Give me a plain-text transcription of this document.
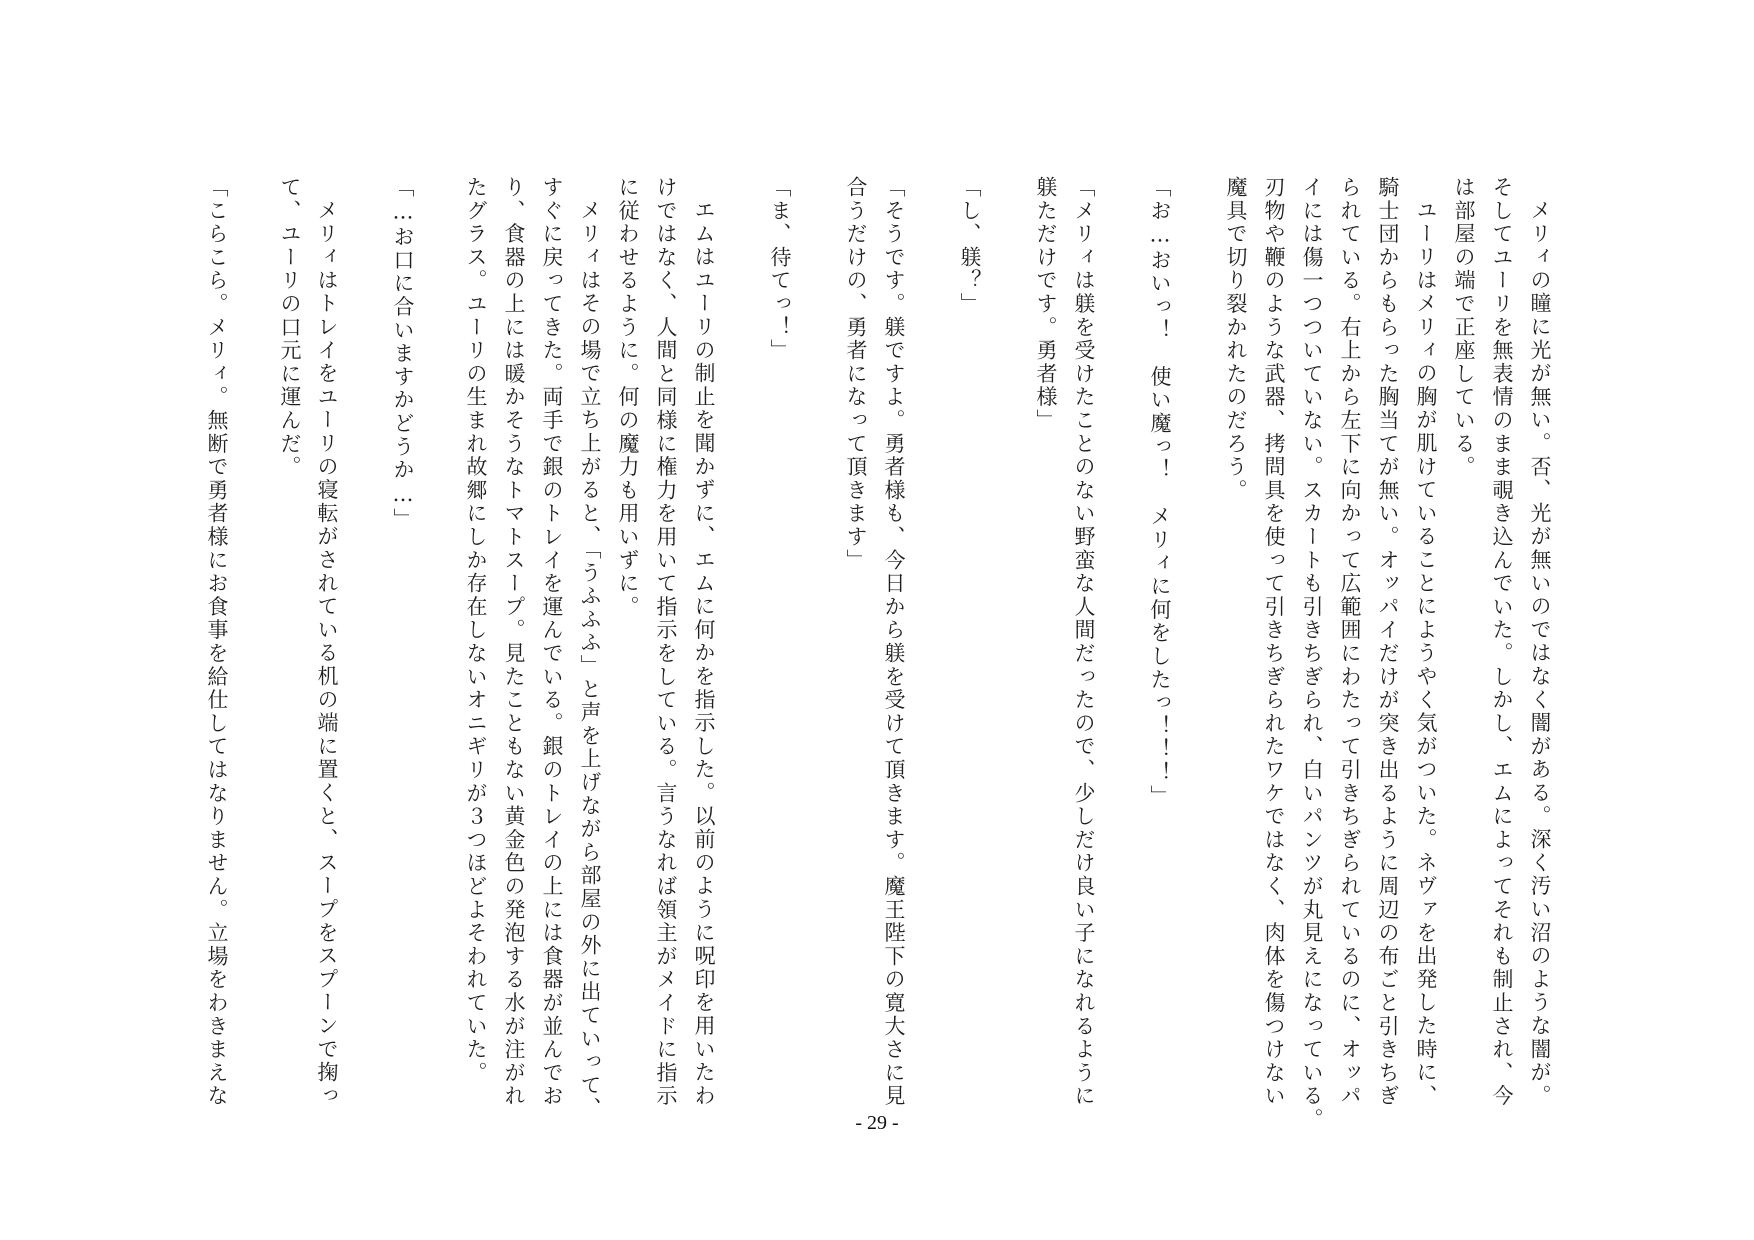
メリィの瞳に光が無い。否、光が無いのではなく闇がある。深く汚い沼のような闇が。
そしてユーリを無表情のまま覗き込んでいた。しかし、エムによってそれも制止され、今
は部屋の端で正座している。
ユーリはメリィの胸が肌けていることにようやく気がついた。ネヴァを出発した時に、
騎士団からもらった胸当てが無い。オッパイだけが突き出るように周辺の布ごと引きちぎ
られている。右上から左下に向かって広範囲にわたって引きちぎられているのに、オッパ
イには傷一つついていない。スカートも引きちぎられ、白いパンツが丸見えになっている。
刃物や鞭のような武器、拷問具を使って引きちぎられたワケではなく、肉体を傷つけない
魔具で切り裂かれたのだろう。
「お…おいっ！　使い魔っ！　メリィに何をしたっ！！！」
「メリィは躾を受けたことのない野蛮な人間だったので、少しだけ良い子になれるように
躾ただけです。勇者様」
「し、躾？」
「そうです。躾ですよ。勇者様も、今日から躾を受けて頂きます。魔王陛下の寛大さに見
合うだけの、勇者になって頂きます」
「ま、待てっ！」
エムはユーリの制止を聞かずに、エムに何かを指示した。以前のように呪印を用いたわ
けではなく、人間と同様に権力を用いて指示をしている。言うなれば領主がメイドに指示
に従わせるように。何の魔力も用いずに。
メリィはその場で立ち上がると、「うふふふ」と声を上げながら部屋の外に出ていって、
すぐに戻ってきた。両手で銀のトレイを運んでいる。銀のトレイの上には食器が並んでお
り、食器の上には暖かそうなトマトスープ。見たこともない黄金色の発泡する水が注がれ
たグラス。ユーリの生まれ故郷にしか存在しないオニギリが３つほどよそわれていた。
「…お口に合いますかどうか…」
メリィはトレイをユーリの寝転がされている机の端に置くと、スープをスプーンで掬っ
て、ユーリの口元に運んだ。
「こらこら。メリィ。無断で勇者様にお食事を給仕してはなりません。立場をわきまえな
- 29 -
